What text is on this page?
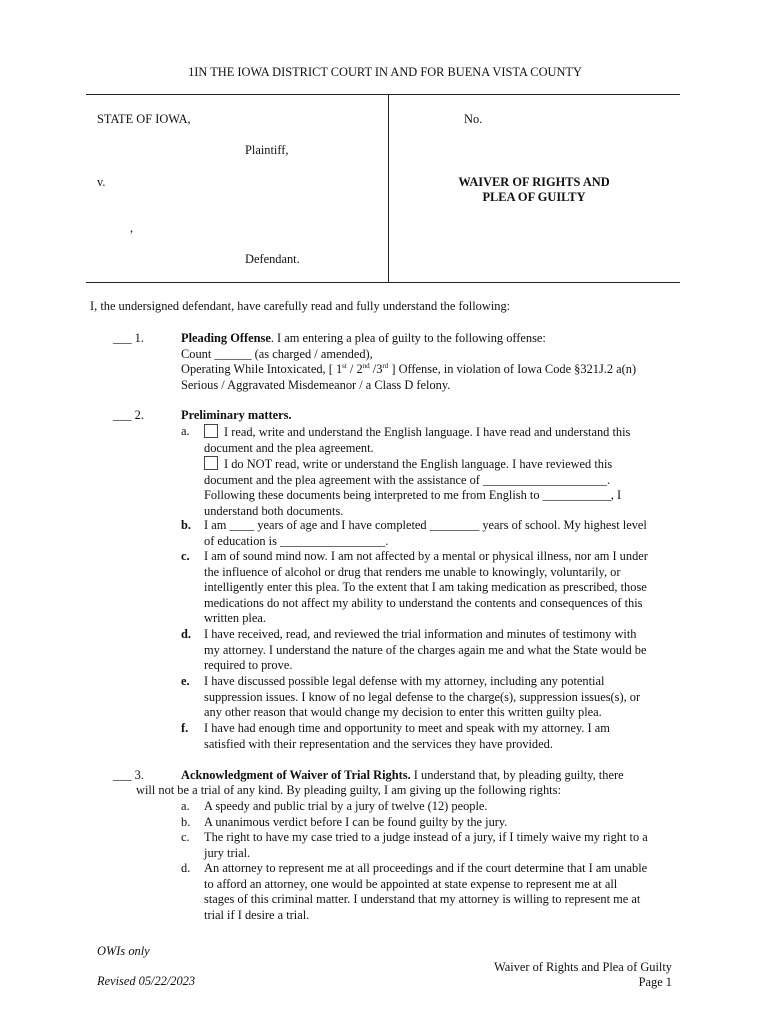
1IN THE IOWA DISTRICT COURT IN AND FOR BUENA VISTA COUNTY
STATE OF IOWA,	No.
Plaintiff,
v.
,
Defendant.
WAIVER OF RIGHTS AND
PLEA OF GUILTY
I, the undersigned defendant, have carefully read and fully understand the following:
___ 1.	Pleading Offense. I am entering a plea of guilty to the following offense:
Count ______ (as charged / amended),
Operating While Intoxicated, [ 1st / 2nd /3rd ] Offense, in violation of Iowa Code §321J.2 a(n)
Serious / Aggravated Misdemeanor / a Class D felony.
___ 2.	Preliminary matters.
a.	I read, write and understand the English language. I have read and understand this
document and the plea agreement.
I do NOT read, write or understand the English language. I have reviewed this
document and the plea agreement with the assistance of ____________________.
Following these documents being interpreted to me from English to ___________, I
understand both documents.
b. I am ____ years of age and I have completed ________ years of school. My highest level
of education is _________________.
c. I am of sound mind now. I am not affected by a mental or physical illness, nor am I under
the influence of alcohol or drug that renders me unable to knowingly, voluntarily, or
intelligently enter this plea. To the extent that I am taking medication as prescribed, those
medications do not affect my ability to understand the contents and consequences of this
written plea.
d. I have received, read, and reviewed the trial information and minutes of testimony with
my attorney. I understand the nature of the charges again me and what the State would be
required to prove.
e. I have discussed possible legal defense with my attorney, including any potential
suppression issues. I know of no legal defense to the charge(s), suppression issues(s), or
any other reason that would change my decision to enter this written guilty plea.
f. I have had enough time and opportunity to meet and speak with my attorney. I am
satisfied with their representation and the services they have provided.
___ 3.	Acknowledgment of Waiver of Trial Rights. I understand that, by pleading guilty, there
will not be a trial of any kind. By pleading guilty, I am giving up the following rights:
a. A speedy and public trial by a jury of twelve (12) people.
b. A unanimous verdict before I can be found guilty by the jury.
c. The right to have my case tried to a judge instead of a jury, if I timely waive my right to a
jury trial.
d. An attorney to represent me at all proceedings and if the court determine that I am unable
to afford an attorney, one would be appointed at state expense to represent me at all
stages of this criminal matter. I understand that my attorney is willing to represent me at
trial if I desire a trial.
OWIs only
Revised 05/22/2023
Waiver of Rights and Plea of Guilty
Page 1
